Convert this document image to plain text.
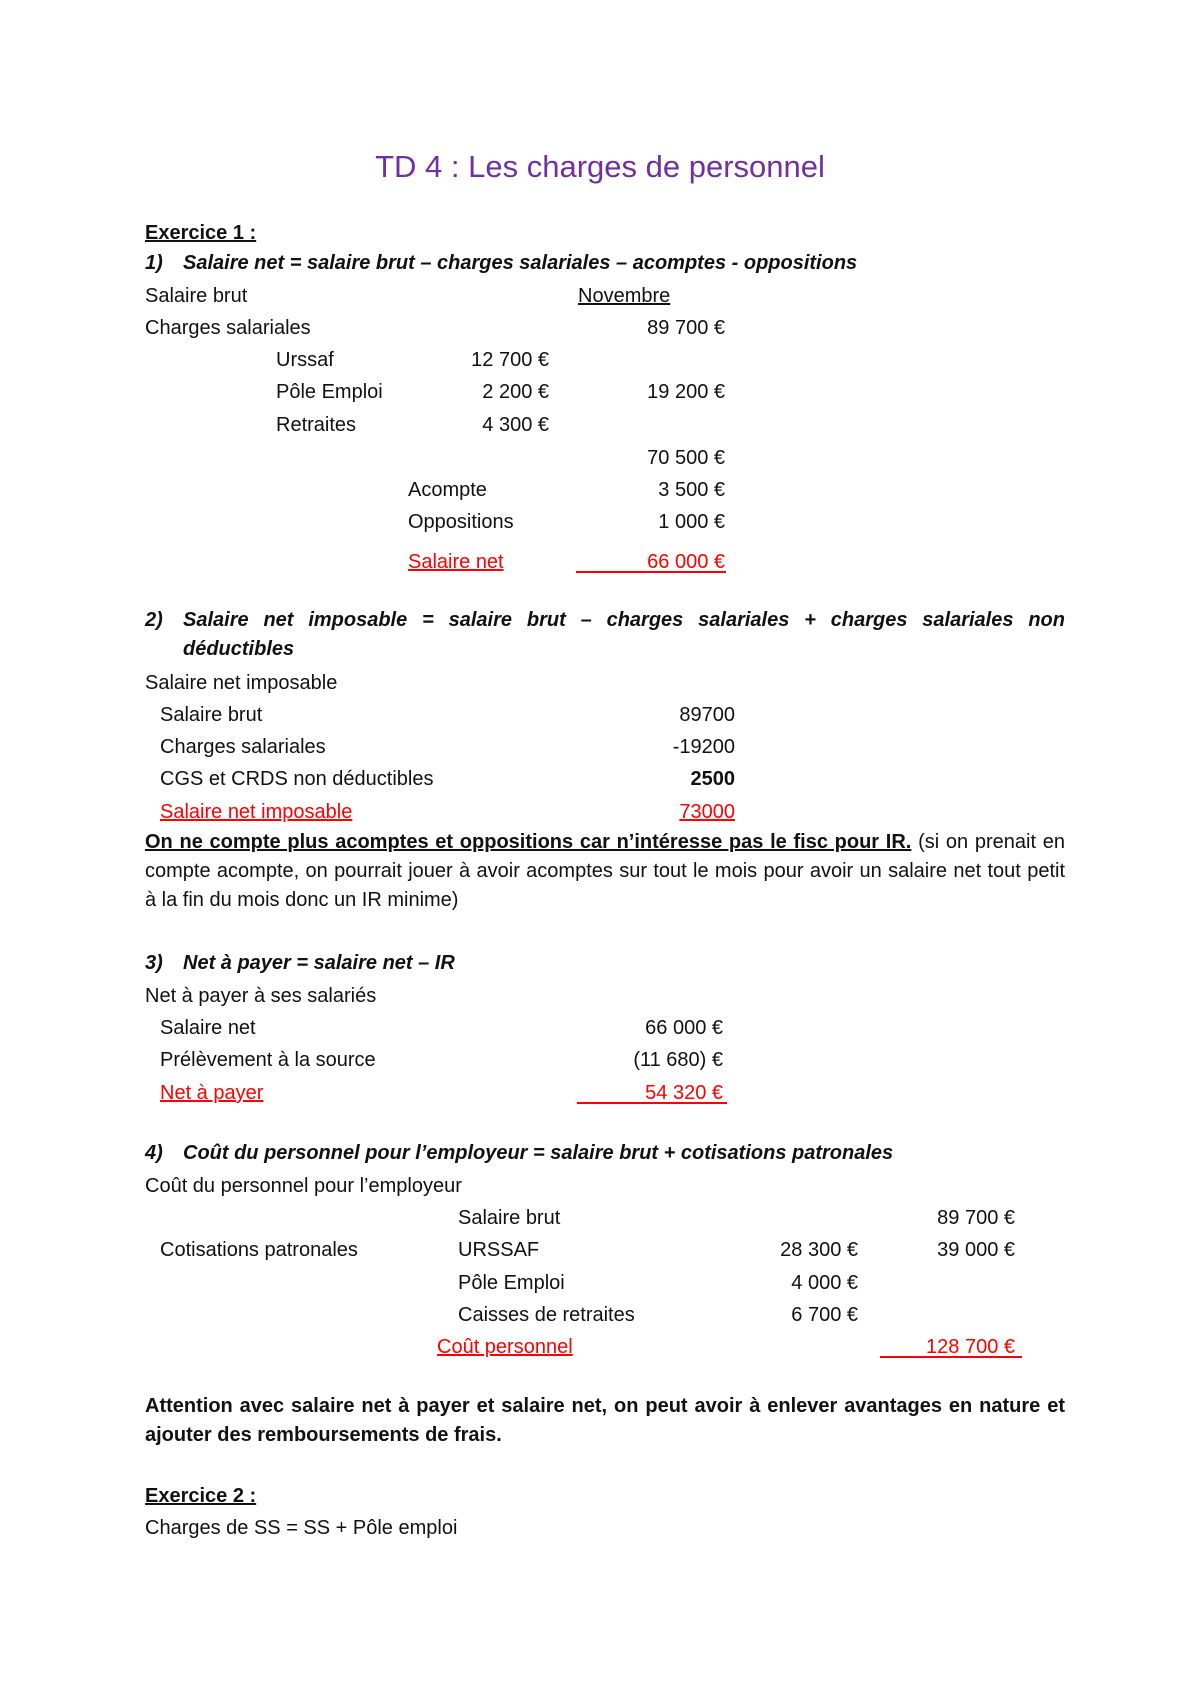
TD 4 : Les charges de personnel
Exercice 1 :
1) Salaire net = salaire brut – charges salariales – acomptes - oppositions
Salaire brut	Novembre
Charges salariales	89 700 €
Urssaf	12 700 €
Pôle Emploi	2 200 €	19 200 €
Retraites	4 300 €
70 500 €
Acompte	3 500 €
Oppositions	1 000 €
Salaire net	66 000 €
2) Salaire net imposable = salaire brut – charges salariales + charges salariales non déductibles
Salaire net imposable
Salaire brut	89700
Charges salariales	-19200
CGS et CRDS non déductibles	2500
Salaire net imposable	73000
On ne compte plus acomptes et oppositions car n’intéresse pas le fisc pour IR. (si on prenait en compte acompte, on pourrait jouer à avoir acomptes sur tout le mois pour avoir un salaire net tout petit à la fin du mois donc un IR minime)
3) Net à payer = salaire net – IR
Net à payer à ses salariés
Salaire net	66 000 €
Prélèvement à la source	(11 680) €
Net à payer	54 320 €
4) Coût du personnel pour l’employeur = salaire brut + cotisations patronales
Coût du personnel pour l’employeur
Salaire brut	89 700 €
Cotisations patronales	URSSAF	28 300 €	39 000 €
Pôle Emploi	4 000 €
Caisses de retraites	6 700 €
Coût personnel	128 700 €
Attention avec salaire net à payer et salaire net, on peut avoir à enlever avantages en nature et ajouter des remboursements de frais.
Exercice 2 :
Charges de SS = SS + Pôle emploi
